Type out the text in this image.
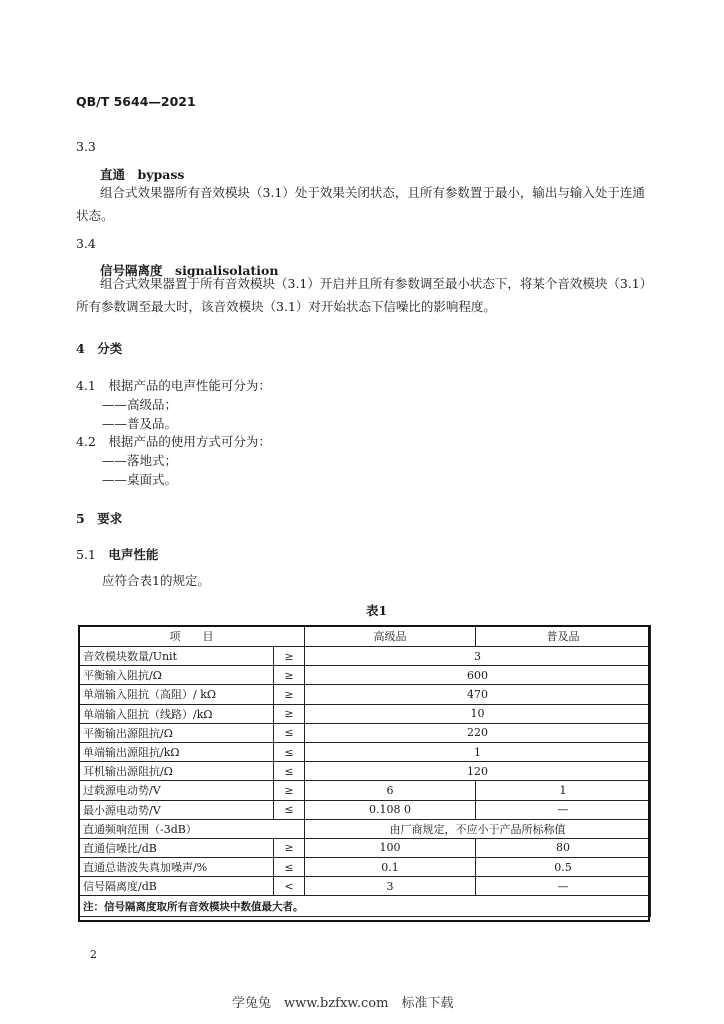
QB/T 5644—2021
3.3
直通　 bypass
组合式效果器所有音效模块（3.1）处于效果关闭状态，且所有参数置于最小，输出与输入处于连通状态。
3.4
信号隔离度　 signalisolation
组合式效果器置于所有音效模块（3.1）开启并且所有参数调至最小状态下，将某个音效模块（3.1）所有参数调至最大时，该音效模块（3.1）对开始状态下信噪比的影响程度。
4　 分类
4.1　 根据产品的电声性能可分为：
——高级品；
——普及品。
4.2　 根据产品的使用方式可分为：
——落地式；
——桌面式。
5　 要求
5.1　 电声性能
应符合表1的规定。
表1
项　　目		高级品	普及品
音效模块数量/Unit	≥	3	
平衡输入阻抗/Ω	≥	600	
单端输入阻抗（高阻）/ kΩ	≥	470	
单端输入阻抗（线路）/kΩ	≥	10	
平衡输出源阻抗/Ω	≤	220	
单端输出源阻抗/kΩ	≤	1	
耳机输出源阻抗/Ω	≤	120	
过载源电动势/V	≥	6	1
最小源电动势/V	≤	0.108 0	—
直通频响范围（-3dB）		由厂商规定，不应小于产品所标称值	
直通信噪比/dB	≥	100	80
直通总谐波失真加噪声/%	≤	0.1	0.5
信号隔离度/dB	<	3	—
注：信号隔离度取所有音效模块中数值最大者。			
2
学兔兔　www.bzfxw.com　标准下载
